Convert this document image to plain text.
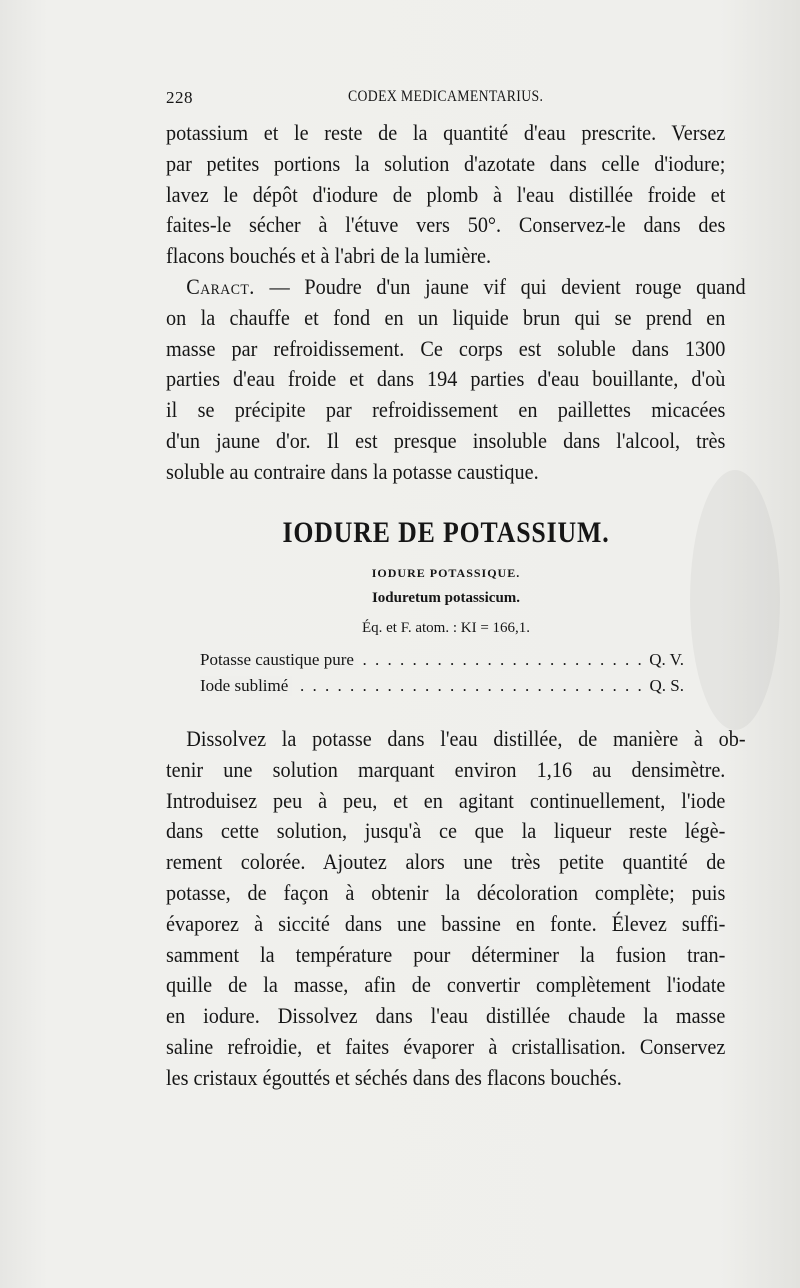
228	CODEX MEDICAMENTARIUS.
potassium et le reste de la quantité d'eau prescrite. Versez
par petites portions la solution d'azotate dans celle d'iodure;
lavez le dépôt d'iodure de plomb à l'eau distillée froide et
faites-le sécher à l'étuve vers 50°. Conservez-le dans des
flacons bouchés et à l'abri de la lumière.
Caract. — Poudre d'un jaune vif qui devient rouge quand
on la chauffe et fond en un liquide brun qui se prend en
masse par refroidissement. Ce corps est soluble dans 1300
parties d'eau froide et dans 194 parties d'eau bouillante, d'où
il se précipite par refroidissement en paillettes micacées
d'un jaune d'or. Il est presque insoluble dans l'alcool, très
soluble au contraire dans la potasse caustique.
IODURE DE POTASSIUM.
IODURE POTASSIQUE.
Ioduretum potassicum.
Éq. et F. atom. : KI = 166,1.
. . .
Potasse caustique pure	Q. V.
. . .
Iode sublimé	Q. S.
Dissolvez la potasse dans l'eau distillée, de manière à ob-
tenir une solution marquant environ 1,16 au densimètre.
Introduisez peu à peu, et en agitant continuellement, l'iode
dans cette solution, jusqu'à ce que la liqueur reste légè-
rement colorée. Ajoutez alors une très petite quantité de
potasse, de façon à obtenir la décoloration complète; puis
évaporez à siccité dans une bassine en fonte. Élevez suffi-
samment la température pour déterminer la fusion tran-
quille de la masse, afin de convertir complètement l'iodate
en iodure. Dissolvez dans l'eau distillée chaude la masse
saline refroidie, et faites évaporer à cristallisation. Conservez
les cristaux égouttés et séchés dans des flacons bouchés.
